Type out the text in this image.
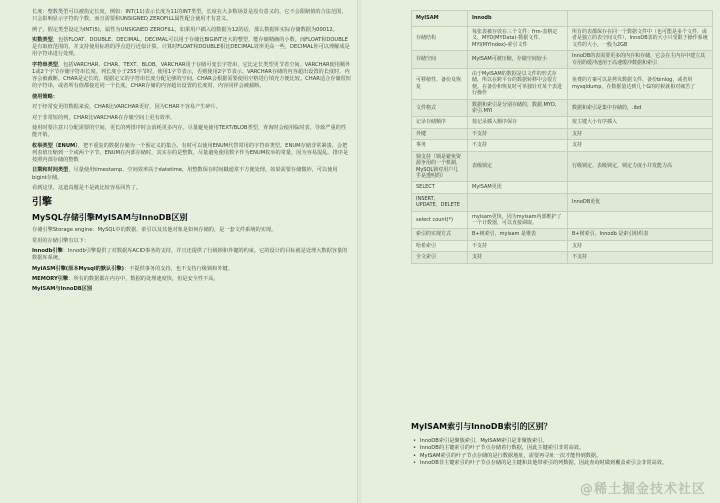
长度：整数类型可以被指定长度，例如：INT(11)表示长度为11的INT类型。长度在大多数场景是没有意义的，它不会限制值的合法范围，只会影响显示字符的个数，而且需要和UNSIGNED ZEROFILL属性配合使用才有意义。

例子，假定类型设定为INT(5)，属性为UNSIGNED ZEROFILL，如果用户插入的数据为12的话，那么数据库实际存储数据为00012。

实数类型，包括FLOAT、DOUBLE、DECIMAL。DECIMAL可以用于存储比BIGINT还大的整型，能存储精确的小数。而FLOAT和DOUBLE是有取值范围的，并支持使用标准的浮点进行近似计算。计算时FLOAT和DOUBLE相比DECIMAL效率更高一些，DECIMAL你可以理解成是用字符串进行处理。

字符串类型，包括VARCHAR、CHAR、TEXT、BLOB。VARCHAR用于存储可变长字符串，它比定长类型更节省空间。VARCHAR使用额外1或2个字节存储字符串长度。列长度小于255字节时，使用1字节表示，否则使用2字节表示。VARCHAR存储的内容超出设置的长度时，内容会被截断。CHAR是定长的，根据定义的字符串长度分配足够的空间。CHAR会根据需要使用空格进行填充方便比较。CHAR适合存储很短的字符串，或者所有值都接近同一个长度。CHAR存储的内容超出设置的长度时，内容同样会被截断。

使用策略：

对于经常变更的数据来说，CHAR比VARCHAR更好，因为CHAR不容易产生碎片。

对于非常短的列，CHAR比VARCHAR在存储空间上更有效率。

使用时要注意只分配需要的空间，更长的列排序时会消耗更多内存。尽量避免使用TEXT/BLOB类型，查询时会使用临时表，导致严重的性能开销。

枚举类型（ENUM），把不重复的数据存储为一个预定义的集合。有时可以使用ENUM代替常用的字符串类型。ENUM存储非常紧凑，会把列表值压缩到一个或两个字节。ENUM在内部存储时，其实存的是整数。尽量避免使用数字作为ENUM枚举的常量，因为容易混乱。排序是按照内部存储的整数

日期和时间类型，尽量使用timestamp，空间效率高于datetime，用整数保存时间戳通常不方便处理。如果需要存储微妙，可以使用bigint存储。

看到这里，这道真题是不是就比较容易回答了。

引擎
MySQL存储引擎MyISAM与InnoDB区别

存储引擎Storage engine：MySQL中的数据、索引以及其他对象是如何存储的，是一套文件系统的实现。

常用的存储引擎有以下：

Innodb引擎：Innodb引擎提供了对数据库ACID事务的支持。并且还提供了行级锁和外键的约束。它的设计的目标就是处理大数据容量的数据库系统。

MyIASM引擎(原本Mysql的默认引擎)：不提供事务的支持，也不支持行级锁和外键。

MEMORY引擎：所有的数据都在内存中，数据的处理速度快，但是安全性不高。

MyISAM与InnoDB区别

MyISAM	Innodb	
存储结构	每张表被存放在三个文件：frm-表格定义、MYD(MYData)-数据文件、MYI(MYIndex)-索引文件	所有的表都保存在同一个数据文件中（也可能是多个文件，或者是独立的表空间文件），InnoDB表的大小只受限于操作系统文件的大小，一般为2GB
存储空间	MyISAM可被压缩，存储空间较小	InnoDB的表需要更多的内存和存储，它会在主内存中建立其专用的缓冲池用于高速缓冲数据和索引
可移植性、备份及恢复	由于MyISAM的数据是以文件的形式存储，所以在跨平台的数据转移中会很方便。在备份和恢复时可单独针对某个表进行操作	免费的方案可以是拷贝数据文件、备份binlog，或者用mysqldump，在数据量达到几十G的时候就相对痛苦了
文件格式	数据和索引是分别存储的，数据.MYD，索引.MYI	数据和索引是集中存储的，.ibd
记录存储顺序	按记录插入顺序保存	按主键大小有序插入
外键	不支持	支持
事务	不支持	支持
锁支持（锁是避免资源争用的一个机制，MySQL锁对用户几乎是透明的）	表级锁定	行级锁定、表级锁定，锁定力度小并发能力高
SELECT	MyISAM更优	
INSERT、UPDATE、DELETE		InnoDB更优
select count(*)	myisam更快，因为myisam内部维护了一个计数器，可以直接调取。	
索引的实现方式	B+树索引，myisam 是堆表	B+树索引，Innodb 是索引组织表
哈希索引	不支持	支持
全文索引	支持	不支持
MyISAM索引与InnoDB索引的区别？
• InnoDB索引是聚簇索引，MyISAM索引是非聚簇索引。
• InnoDB的主键索引的叶子节点存储着行数据，因此主键索引非常高效。
• MyISAM索引的叶子节点存储的是行数据地址，需要再寻址一次才能得到数据。
• InnoDB非主键索引的叶子节点存储的是主键和其他带索引的列数据，因此查询时做到覆盖索引会非常高效。
@稀土掘金技术社区
